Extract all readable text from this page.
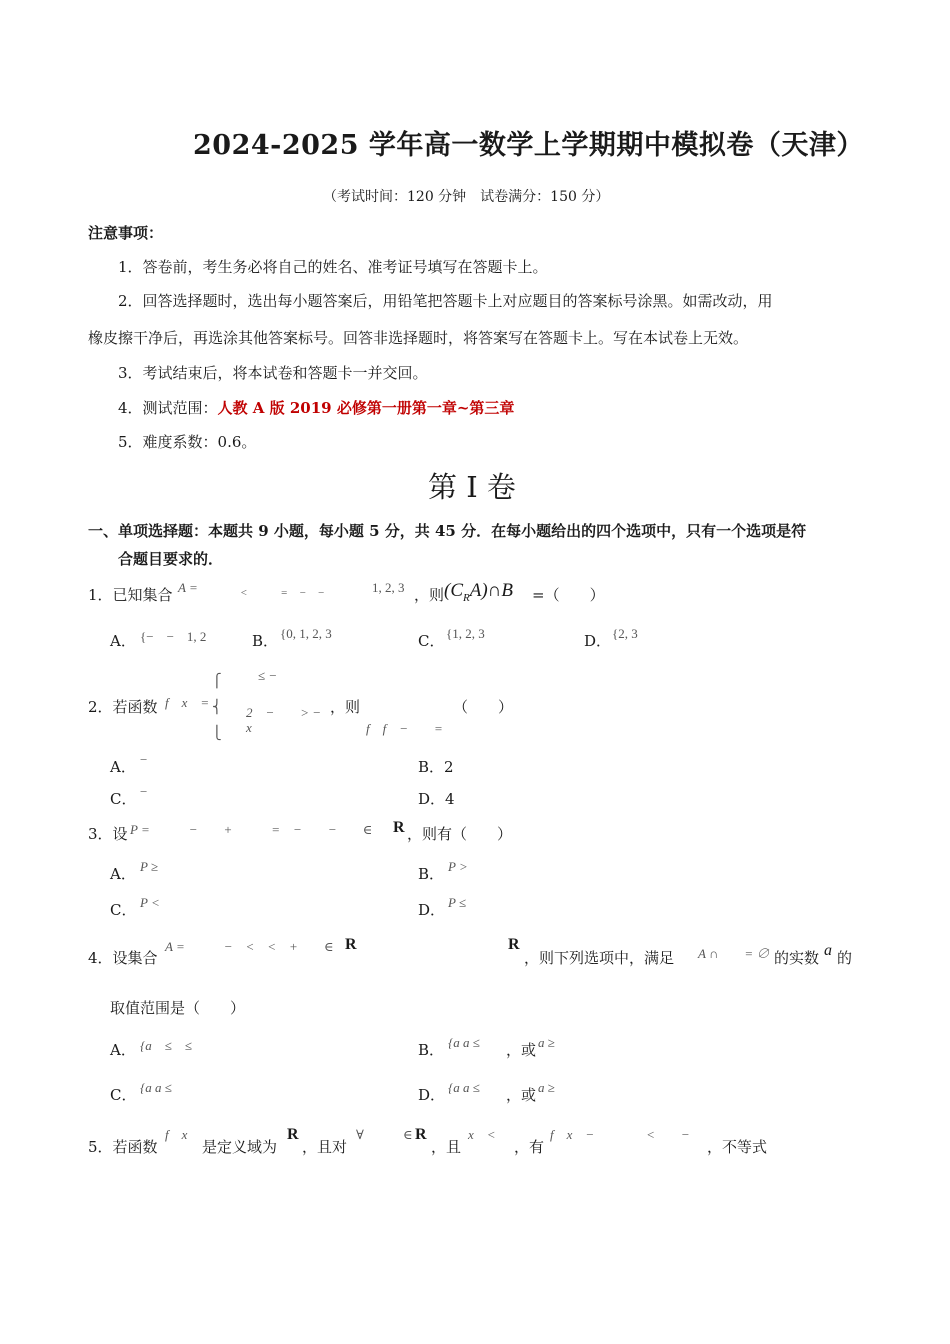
2024-2025 学年高一数学上学期期中模拟卷（天津）
（考试时间：120 分钟　试卷满分：150 分）
注意事项：
1．答卷前，考生务必将自己的姓名、准考证号填写在答题卡上。
2．回答选择题时，选出每小题答案后，用铅笔把答题卡上对应题目的答案标号涂黑。如需改动，用
橡皮擦干净后，再选涂其他答案标号。回答非选择题时，将答案写在答题卡上。写在本试卷上无效。
3．考试结束后，将本试卷和答题卡一并交回。
4．测试范围：人教 A 版 2019 必修第一册第一章~第三章
5．难度系数：0.6。
第 I 卷
一、单项选择题：本题共 9 小题，每小题 5 分，共 45 分．在每小题给出的四个选项中，只有一个选项是符
合题目要求的．
1．已知集合 A =	<　　　=　−　−	1, 2, 3 ，则 $(C_RA)\cap B$ =（　　）
A． {−　−　1, 2	B． {0, 1, 2, 3	C． {1, 2, 3	D． {2, 3
2．若函数 f　x　=
⎧
⎨
⎩
≤ −
2　−　　> −
x
，则
f　f　−　　=
（　　）
A． −	B．2
C． −	D．4
3．设 P =　　　−　　+　　　=　−　　−　　∈ R ，则有（　　）
A． P ≥	B． P >
C． P <	D． P ≤
4．设集合
A =　　　−　<　<　+　　∈ R	R
，则下列选项中，满足 A ∩　　= ∅ 的实数 a 的
取值范围是（　　）
A． {a　≤　≤	B． {a a ≤ ，或 a ≥
C． {a a ≤	D． {a a ≤ ，或 a ≥
5．若函数
f　x
是定义域为
R
，且对
∀　　　∈ R
，且
x　<
，有
f　x　−　　　　<　　−
，不等式
